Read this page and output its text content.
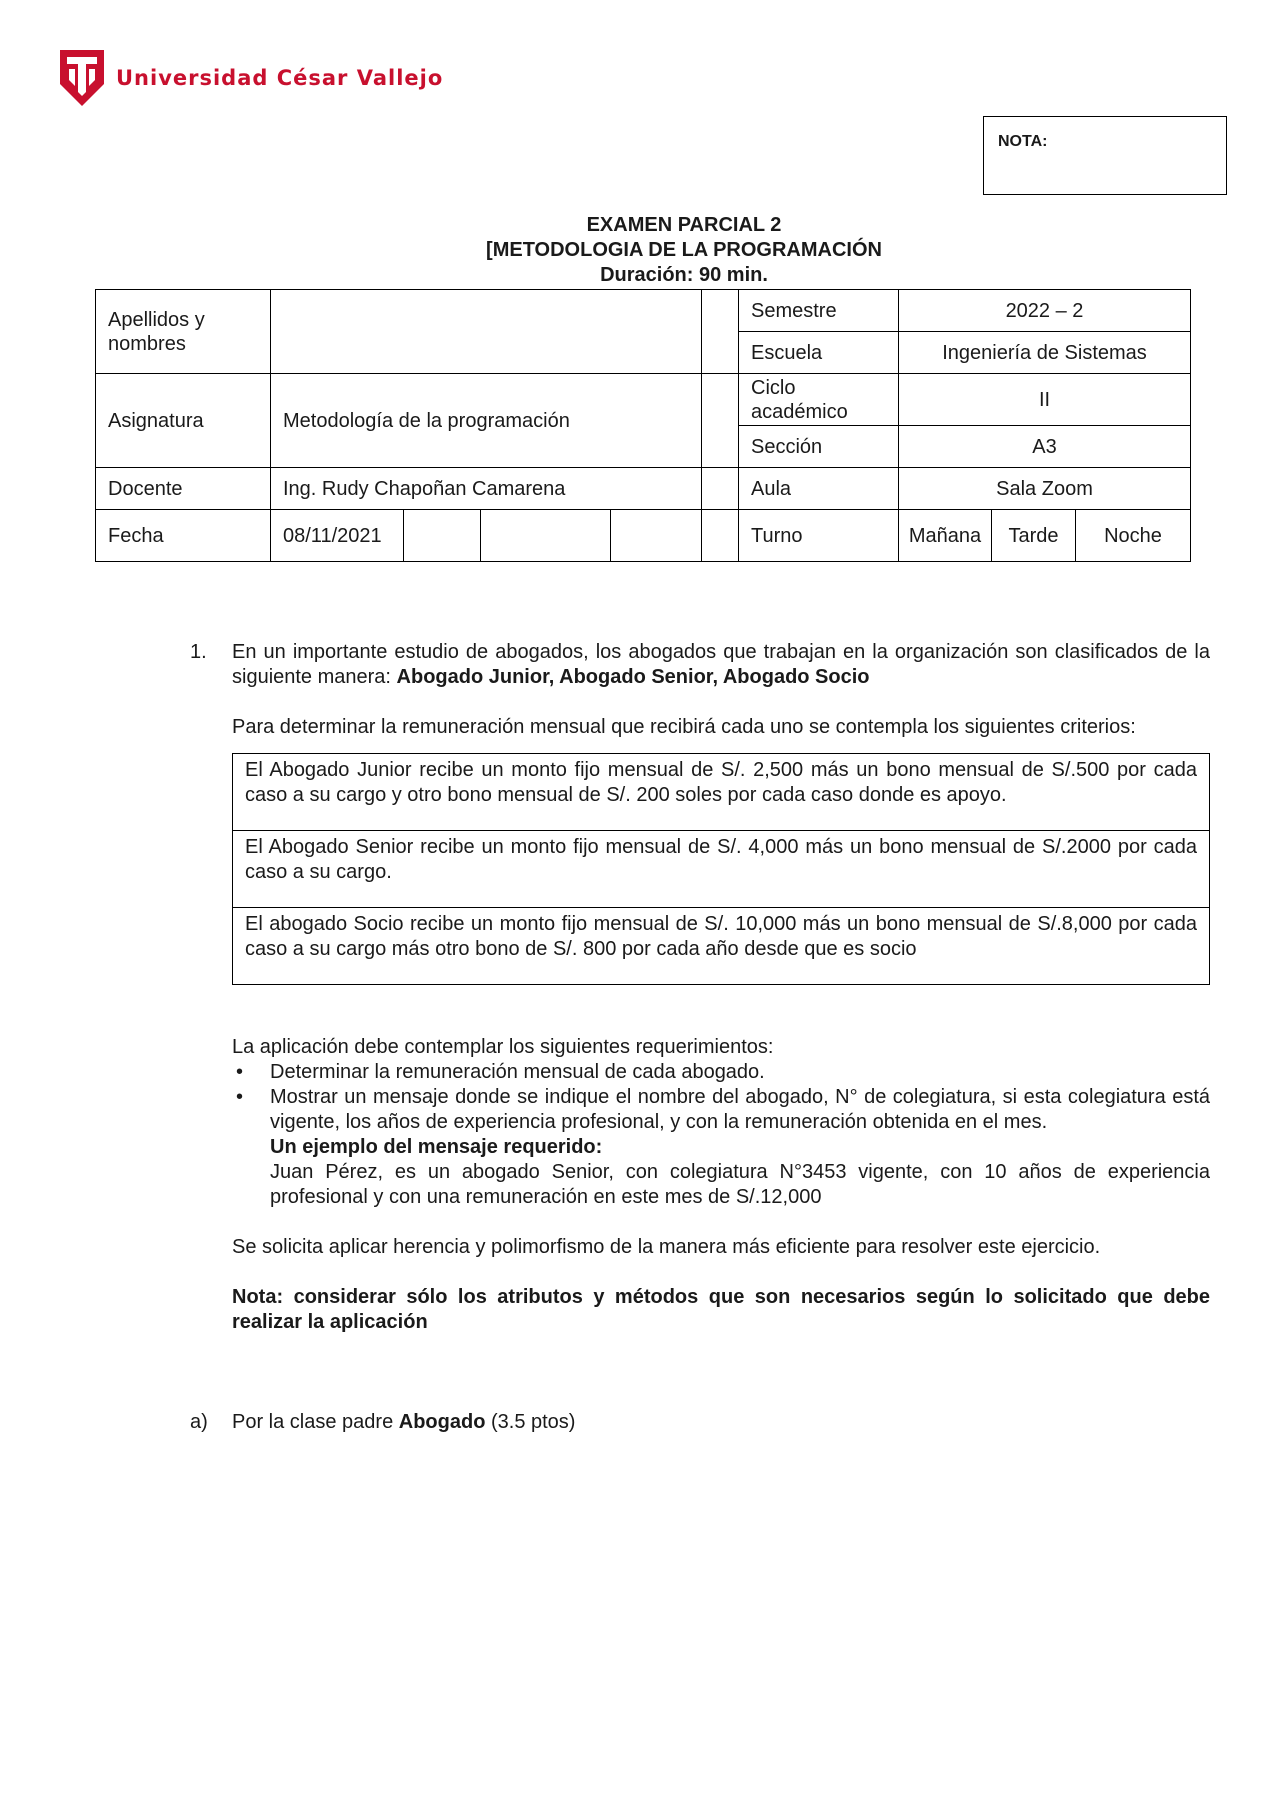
Universidad César Vallejo
NOTA:
EXAMEN PARCIAL 2
[METODOLOGIA DE LA PROGRAMACIÓN
Duración: 90 min.
Apellidos y nombres						Semestre	2022 – 2		
						Escuela	Ingeniería de Sistemas		
Asignatura	Metodología de la programación					Ciclo académico	II		
						Sección	A3		
Docente	Ing. Rudy Chapoñan Camarena					Aula	Sala Zoom		
Fecha	08/11/2021					Turno	Mañana	Tarde	Noche
1. En un importante estudio de abogados, los abogados que trabajan en la organización son clasificados de la siguiente manera: Abogado Junior, Abogado Senior, Abogado Socio
Para determinar la remuneración mensual que recibirá cada uno se contempla los siguientes criterios:
El Abogado Junior recibe un monto fijo mensual de S/. 2,500 más un bono mensual de S/.500 por cada caso a su cargo y otro bono mensual de S/. 200 soles por cada caso donde es apoyo.
El Abogado Senior recibe un monto fijo mensual de S/. 4,000 más un bono mensual de S/.2000 por cada caso a su cargo.
El abogado Socio recibe un monto fijo mensual de S/. 10,000 más un bono mensual de S/.8,000 por cada caso a su cargo más otro bono de S/. 800 por cada año desde que es socio
La aplicación debe contemplar los siguientes requerimientos:
• Determinar la remuneración mensual de cada abogado.
• Mostrar un mensaje donde se indique el nombre del abogado, N° de colegiatura, si esta colegiatura está vigente, los años de experiencia profesional, y con la remuneración obtenida en el mes.
Un ejemplo del mensaje requerido:
Juan Pérez, es un abogado Senior, con colegiatura N°3453 vigente, con 10 años de experiencia profesional y con una remuneración en este mes de S/.12,000
Se solicita aplicar herencia y polimorfismo de la manera más eficiente para resolver este ejercicio.
Nota: considerar sólo los atributos y métodos que son necesarios según lo solicitado que debe realizar la aplicación
a) Por la clase padre Abogado (3.5 ptos)
